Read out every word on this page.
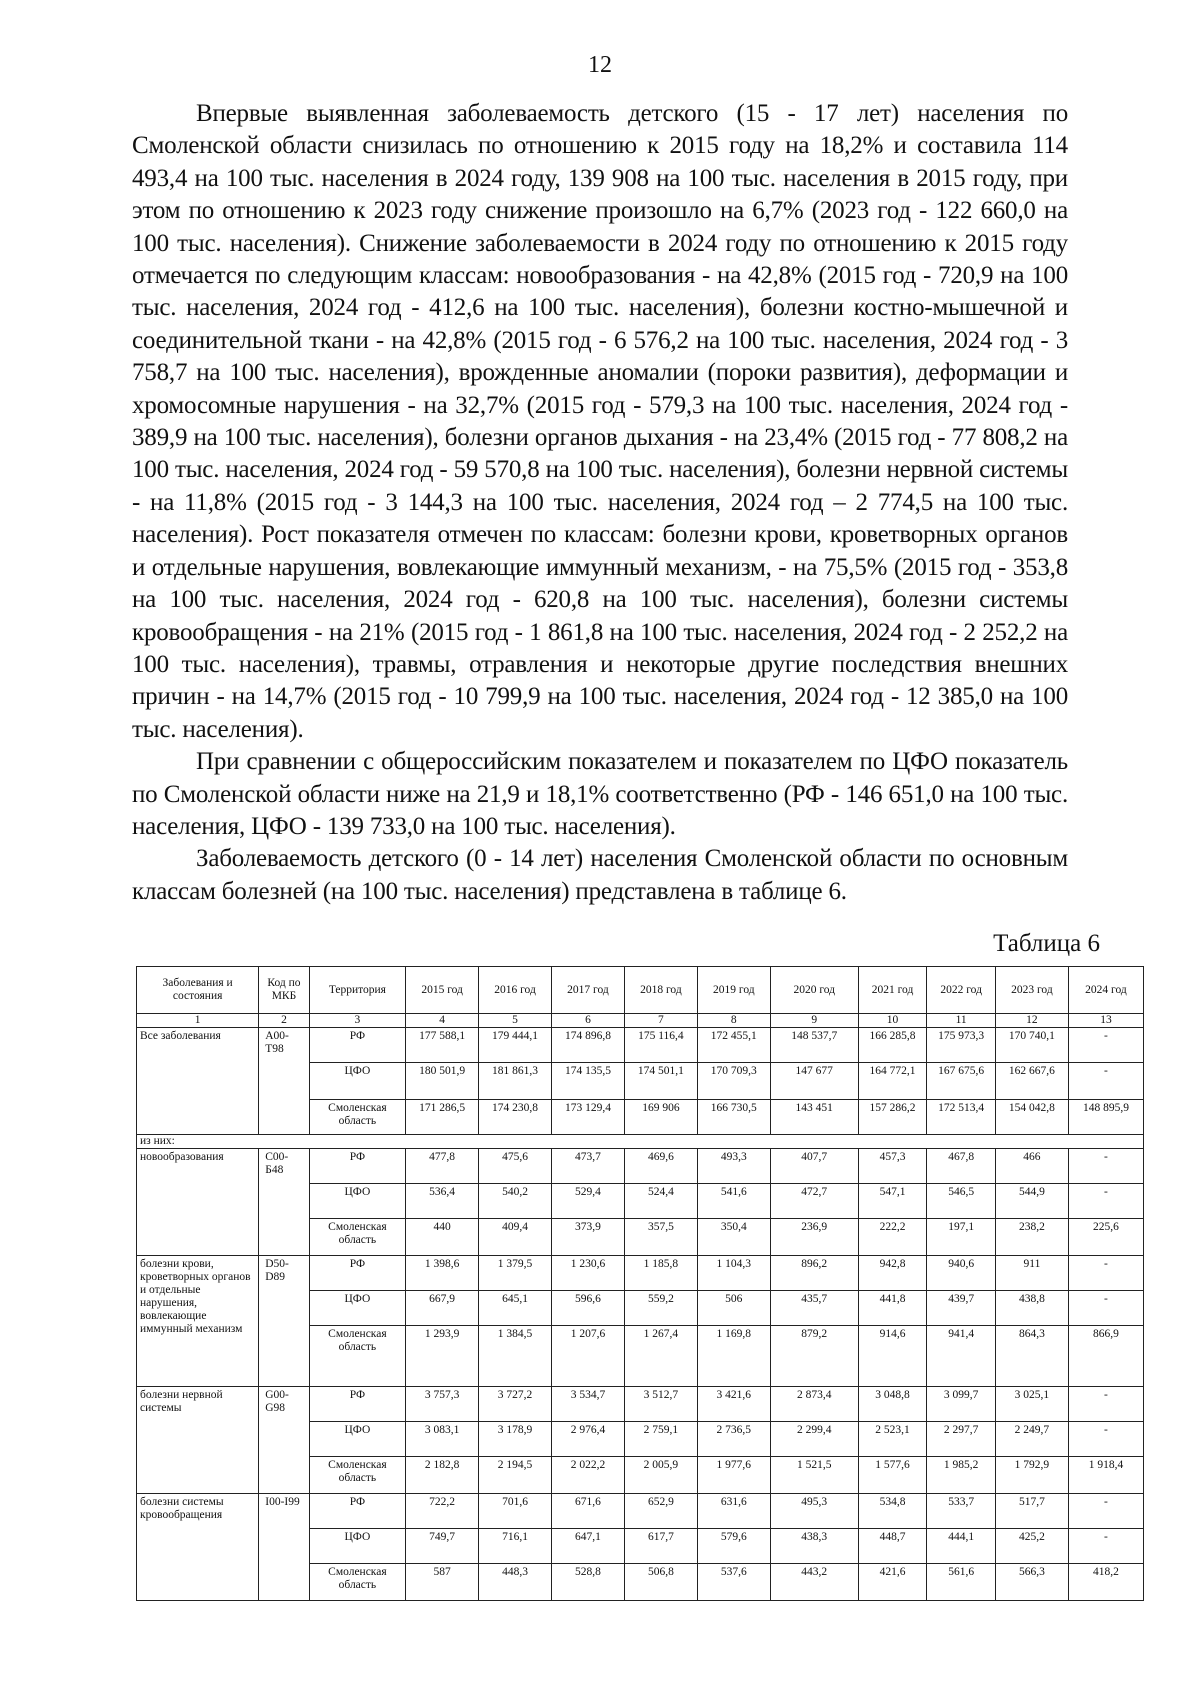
12

Впервые выявленная заболеваемость детского (15 - 17 лет) населения по Смоленской области снизилась по отношению к 2015 году на 18,2% и составила 114 493,4 на 100 тыс. населения в 2024 году, 139 908 на 100 тыс. населения в 2015 году, при этом по отношению к 2023 году снижение произошло на 6,7% (2023 год - 122 660,0 на 100 тыс. населения). Снижение заболеваемости в 2024 году по отношению к 2015 году отмечается по следующим классам: новообразования - на 42,8% (2015 год - 720,9 на 100 тыс. населения, 2024 год - 412,6 на 100 тыс. населения), болезни костно-мышечной и соединительной ткани - на 42,8% (2015 год - 6 576,2 на 100 тыс. населения, 2024 год - 3 758,7 на 100 тыс. населения), врожденные аномалии (пороки развития), деформации и хромосомные нарушения - на 32,7% (2015 год - 579,3 на 100 тыс. населения, 2024 год - 389,9 на 100 тыс. населения), болезни органов дыхания - на 23,4% (2015 год - 77 808,2 на 100 тыс. населения, 2024 год - 59 570,8 на 100 тыс. населения), болезни нервной системы - на 11,8% (2015 год - 3 144,3 на 100 тыс. населения, 2024 год – 2 774,5 на 100 тыс. населения). Рост показателя отмечен по классам: болезни крови, кроветворных органов и отдельные нарушения, вовлекающие иммунный механизм, - на 75,5% (2015 год - 353,8 на 100 тыс. населения, 2024 год - 620,8 на 100 тыс. населения), болезни системы кровообращения - на 21% (2015 год - 1 861,8 на 100 тыс. населения, 2024 год - 2 252,2 на 100 тыс. населения), травмы, отравления и некоторые другие последствия внешних причин - на 14,7% (2015 год - 10 799,9 на 100 тыс. населения, 2024 год - 12 385,0 на 100 тыс. населения).

При сравнении с общероссийским показателем и показателем по ЦФО показатель по Смоленской области ниже на 21,9 и 18,1% соответственно (РФ - 146 651,0 на 100 тыс. населения, ЦФО - 139 733,0 на 100 тыс. населения).

Заболеваемость детского (0 - 14 лет) населения Смоленской области по основным классам болезней (на 100 тыс. населения) представлена в таблице 6.

Таблица 6
Заболевания и состояния	Код по МКБ	Территория	2015 год	2016 год	2017 год	2018 год	2019 год	2020 год	2021 год	2022 год	2023 год	2024 год
1	2	3	4	5	6	7	8	9	10	11	12	13
Все заболевания	А00-Т98	РФ	177 588,1	179 444,1	174 896,8	175 116,4	172 455,1	148 537,7	166 285,8	175 973,3	170 740,1	-
		ЦФО	180 501,9	181 861,3	174 135,5	174 501,1	170 709,3	147 677	164 772,1	167 675,6	162 667,6	-
		Смоленская область	171 286,5	174 230,8	173 129,4	169 906	166 730,5	143 451	157 286,2	172 513,4	154 042,8	148 895,9
из них:												
новообразования	С00-Б48	РФ	477,8	475,6	473,7	469,6	493,3	407,7	457,3	467,8	466	-
		ЦФО	536,4	540,2	529,4	524,4	541,6	472,7	547,1	546,5	544,9	-
		Смоленская область	440	409,4	373,9	357,5	350,4	236,9	222,2	197,1	238,2	225,6
болезни крови, кроветворных органов и отдельные нарушения, вовлекающие иммунный механизм	D50-D89	РФ	1 398,6	1 379,5	1 230,6	1 185,8	1 104,3	896,2	942,8	940,6	911	-
		ЦФО	667,9	645,1	596,6	559,2	506	435,7	441,8	439,7	438,8	-
		Смоленская область	1 293,9	1 384,5	1 207,6	1 267,4	1 169,8	879,2	914,6	941,4	864,3	866,9
болезни нервной системы	G00-G98	РФ	3 757,3	3 727,2	3 534,7	3 512,7	3 421,6	2 873,4	3 048,8	3 099,7	3 025,1	-
		ЦФО	3 083,1	3 178,9	2 976,4	2 759,1	2 736,5	2 299,4	2 523,1	2 297,7	2 249,7	-
		Смоленская область	2 182,8	2 194,5	2 022,2	2 005,9	1 977,6	1 521,5	1 577,6	1 985,2	1 792,9	1 918,4
болезни системы кровообращения	I00-I99	РФ	722,2	701,6	671,6	652,9	631,6	495,3	534,8	533,7	517,7	-
		ЦФО	749,7	716,1	647,1	617,7	579,6	438,3	448,7	444,1	425,2	-
		Смоленская область	587	448,3	528,8	506,8	537,6	443,2	421,6	561,6	566,3	418,2
